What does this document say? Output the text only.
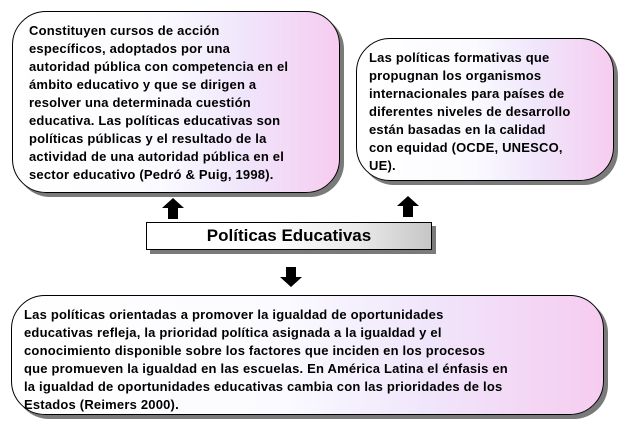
Constituyen cursos de acción

específicos, adoptados por una

autoridad pública con competencia en el

ámbito educativo y que se dirigen a

resolver una determinada cuestión

educativa. Las políticas educativas son

políticas públicas y el resultado de la

actividad de una autoridad pública en el

sector educativo (Pedró & Puig, 1998).

Las políticas formativas que

propugnan los organismos

internacionales para países de

diferentes niveles de desarrollo

están basadas en la calidad

con equidad (OCDE, UNESCO,

UE).

Políticas Educativas

Las políticas orientadas a promover la igualdad de oportunidades

educativas refleja, la prioridad política asignada a la igualdad y el

conocimiento disponible sobre los factores que inciden en los procesos

que promueven la igualdad en las escuelas. En América Latina el énfasis en

la igualdad de oportunidades educativas cambia con las prioridades de los

Estados (Reimers 2000).
